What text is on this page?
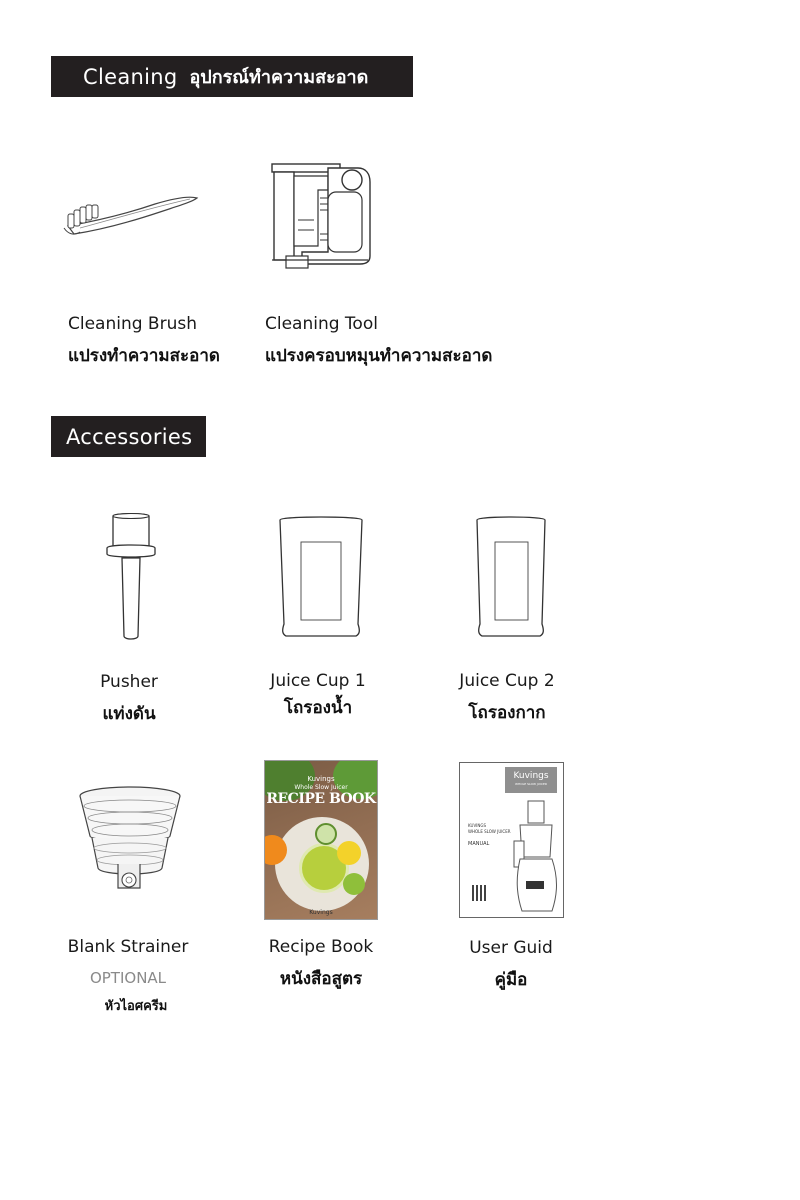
Cleaning อุปกรณ์ทำความสะอาด
Cleaning Brush
แปรงทำความสะอาด
Cleaning Tool
แปรงครอบหมุนทำความสะอาด
Accessories
Pusher
แท่งดัน
Juice Cup 1
โถรองน้ำ
Juice Cup 2
โถรองกาก
Kuvings
Whole Slow Juicer
RECIPE BOOK
Kuvings
Kuvings
WHOLE SLOW JUICER
KUVINGS
WHOLE SLOW JUICER
MANUAL
Blank Strainer
OPTIONAL
หัวไอศครีม
Recipe Book
หนังสือสูตร
User Guid
คู่มือ
